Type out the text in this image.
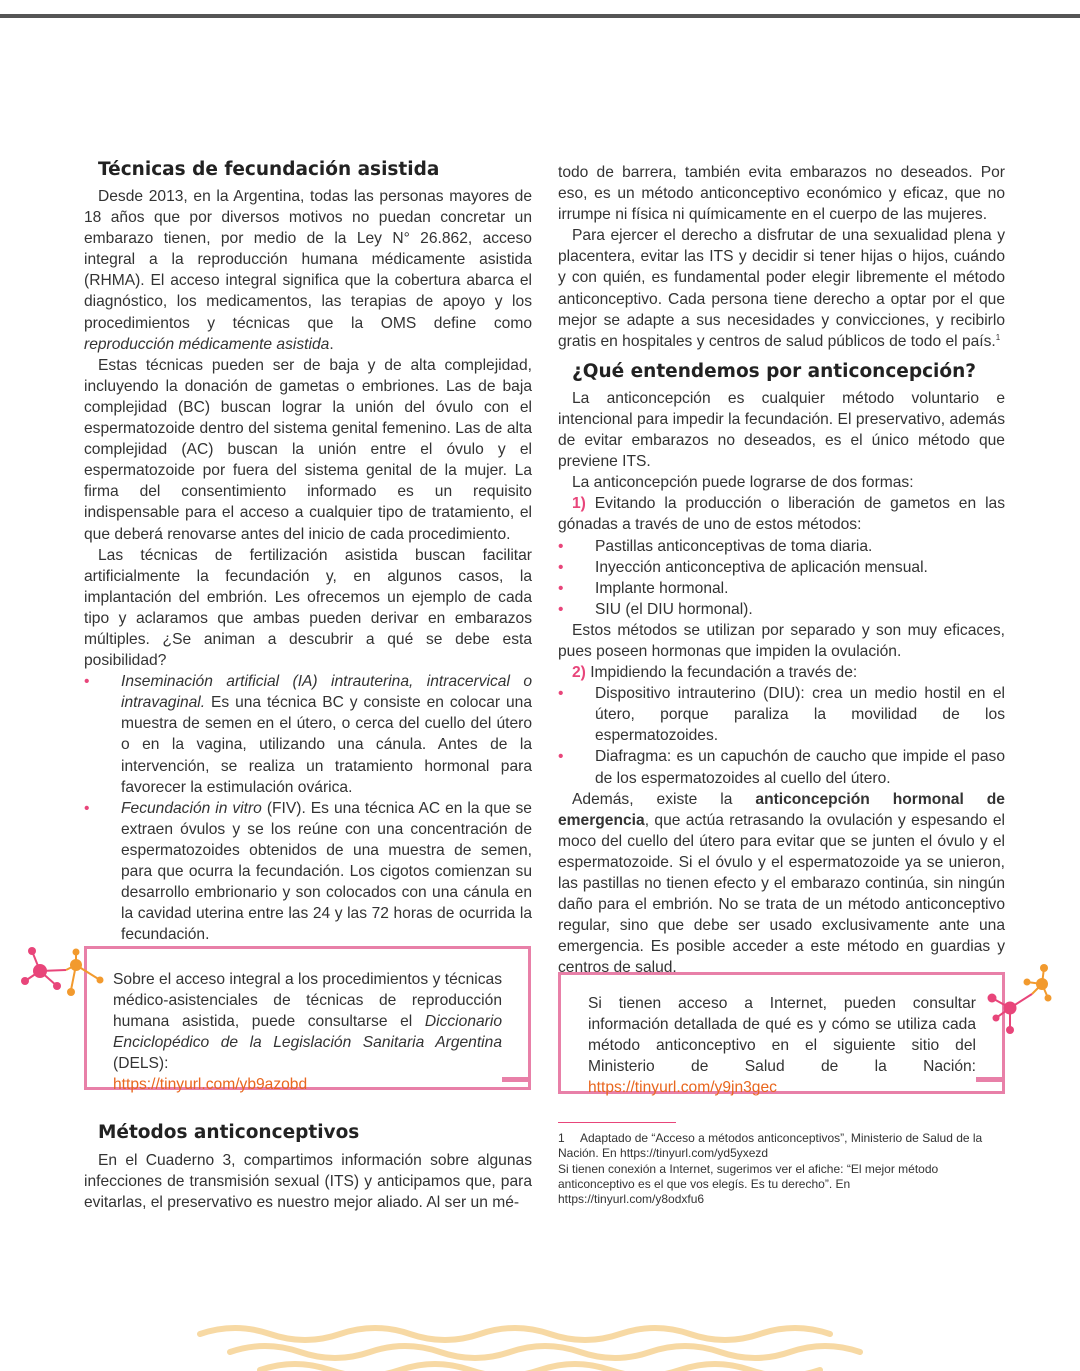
Técnicas de fecundación asistida

Desde 2013, en la Argentina, todas las personas mayores de 18 años que por diversos motivos no puedan concretar un embarazo tienen, por medio de la Ley N° 26.862, acceso integral a la reproducción humana médicamente asistida (RHMA). El acceso integral significa que la cobertura abarca el diagnóstico, los medicamentos, las terapias de apoyo y los procedimientos y técnicas que la OMS define como reproducción médicamente asistida.

Estas técnicas pueden ser de baja y de alta complejidad, incluyendo la donación de gametas o embriones. Las de baja complejidad (BC) buscan lograr la unión del óvulo con el espermatozoide dentro del sistema genital femenino. Las de alta complejidad (AC) buscan la unión entre el óvulo y el espermatozoide por fuera del sistema genital de la mujer. La firma del consentimiento informado es un requisito indispensable para el acceso a cualquier tipo de tratamiento, el que deberá renovarse antes del inicio de cada procedimiento.

Las técnicas de fertilización asistida buscan facilitar artificialmente la fecundación y, en algunos casos, la implantación del embrión. Les ofrecemos un ejemplo de cada tipo y aclaramos que ambas pueden derivar en embarazos múltiples. ¿Se animan a descubrir a qué se debe esta posibilidad?

• Inseminación artificial (IA) intrauterina, intracervical o intravaginal. Es una técnica BC y consiste en colocar una muestra de semen en el útero, o cerca del cuello del útero o en la vagina, utilizando una cánula. Antes de la intervención, se realiza un tratamiento hormonal para favorecer la estimulación ovárica.
• Fecundación in vitro (FIV). Es una técnica AC en la que se extraen óvulos y se los reúne con una concentración de espermatozoides obtenidos de una muestra de semen, para que ocurra la fecundación. Los cigotos comienzan su desarrollo embrionario y son colocados con una cánula en la cavidad uterina entre las 24 y las 72 horas de ocurrida la fecundación.
Sobre el acceso integral a los procedimientos y técnicas médico-asistenciales de técnicas de reproducción humana asistida, puede consultarse el Diccionario Enciclopédico de la Legislación Sanitaria Argentina (DELS):
https://tinyurl.com/yb9azobd
Métodos anticonceptivos

En el Cuaderno 3, compartimos información sobre algunas infecciones de transmisión sexual (ITS) y anticipamos que, para evitarlas, el preservativo es nuestro mejor aliado. Al ser un mé-

todo de barrera, también evita embarazos no deseados. Por eso, es un método anticonceptivo económico y eficaz, que no irrumpe ni física ni químicamente en el cuerpo de las mujeres.

Para ejercer el derecho a disfrutar de una sexualidad plena y placentera, evitar las ITS y decidir si tener hijas o hijos, cuándo y con quién, es fundamental poder elegir libremente el método anticonceptivo. Cada persona tiene derecho a optar por el que mejor se adapte a sus necesidades y convicciones, y recibirlo gratis en hospitales y centros de salud públicos de todo el país.$^1$

¿Qué entendemos por anticoncepción?

La anticoncepción es cualquier método voluntario e intencional para impedir la fecundación. El preservativo, además de evitar embarazos no deseados, es el único método que previene ITS.

La anticoncepción puede lograrse de dos formas:

1) Evitando la producción o liberación de gametos en las gónadas a través de uno de estos métodos:

• Pastillas anticonceptivas de toma diaria.
• Inyección anticonceptiva de aplicación mensual.
• Implante hormonal.
• SIU (el DIU hormonal).

Estos métodos se utilizan por separado y son muy eficaces, pues poseen hormonas que impiden la ovulación.

2) Impidiendo la fecundación a través de:

• Dispositivo intrauterino (DIU): crea un medio hostil en el útero, porque paraliza la movilidad de los espermatozoides.
• Diafragma: es un capuchón de caucho que impide el paso de los espermatozoides al cuello del útero.

Además, existe la anticoncepción hormonal de emergencia, que actúa retrasando la ovulación y espesando el moco del cuello del útero para evitar que se junten el óvulo y el espermatozoide. Si el óvulo y el espermatozoide ya se unieron, las pastillas no tienen efecto y el embarazo continúa, sin ningún daño para el embrión. No se trata de un método anticonceptivo regular, sino que debe ser usado exclusivamente ante una emergencia. Es posible acceder a este método en guardias y centros de salud.

Si tienen acceso a Internet, pueden consultar información detallada de qué es y cómo se utiliza cada método anticonceptivo en el siguiente sitio del Ministerio de Salud de la Nación: https://tinyurl.com/y9jn3gec
1 Adaptado de “Acceso a métodos anticonceptivos”, Ministerio de Salud de la Nación. En https://tinyurl.com/yd5yxezd
Si tienen conexión a Internet, sugerimos ver el afiche: “El mejor método anticonceptivo es el que vos elegís. Es tu derecho”. En https://tinyurl.com/y8odxfu6
